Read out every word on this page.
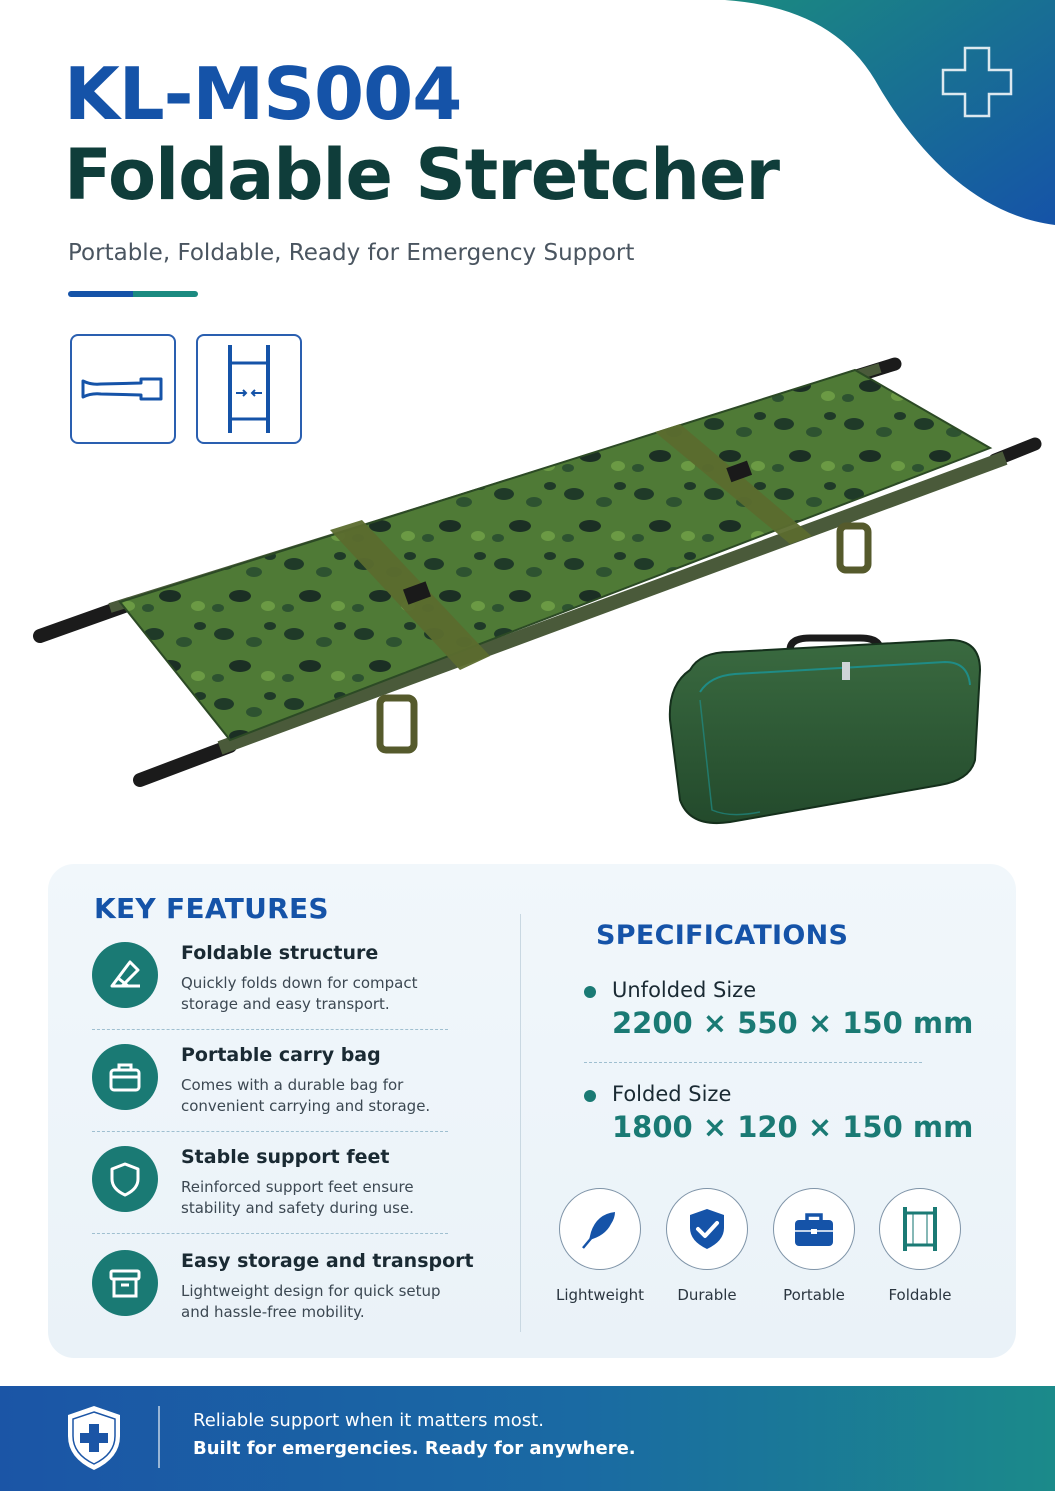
KL-MS004
Foldable Stretcher
Portable, Foldable, Ready for Emergency Support
KEY FEATURES
Foldable structure
Quickly folds down for compact storage and easy transport.
Portable carry bag
Comes with a durable bag for convenient carrying and storage.
Stable support feet
Reinforced support feet ensure stability and safety during use.
Easy storage and transport
Lightweight design for quick setup and hassle-free mobility.
SPECIFICATIONS
Unfolded Size
2200 × 550 × 150 mm
Folded Size
1800 × 120 × 150 mm
Lightweight	Durable	Portable	Foldable
Reliable support when it matters most.
Built for emergencies. Ready for anywhere.
